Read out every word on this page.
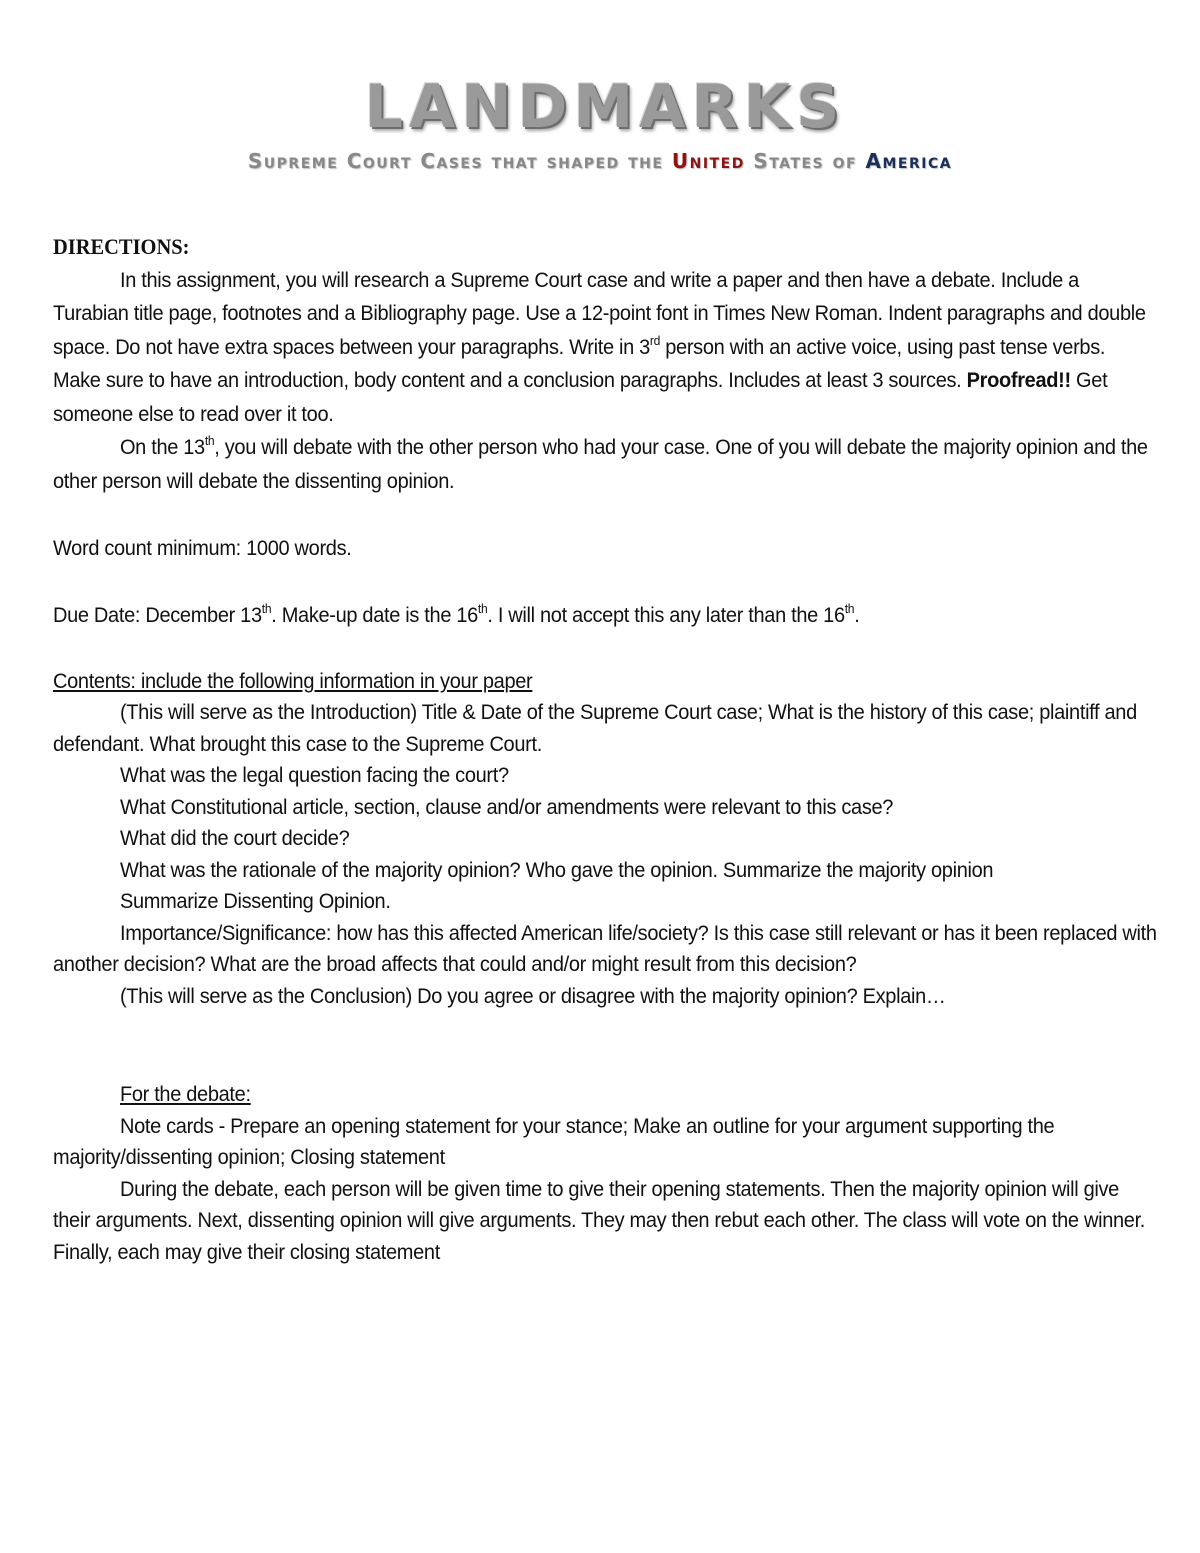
LANDMARKS
Supreme Court Cases that shaped the United States of America
DIRECTIONS:

In this assignment, you will research a Supreme Court case and write a paper and then have a debate. Include a Turabian title page, footnotes and a Bibliography page. Use a 12-point font in Times New Roman. Indent paragraphs and double space. Do not have extra spaces between your paragraphs. Write in 3rd person with an active voice, using past tense verbs. Make sure to have an introduction, body content and a conclusion paragraphs. Includes at least 3 sources. Proofread!! Get someone else to read over it too.

On the 13th, you will debate with the other person who had your case. One of you will debate the majority opinion and the other person will debate the dissenting opinion.

Word count minimum: 1000 words.

Due Date: December 13th. Make-up date is the 16th. I will not accept this any later than the 16th.

Contents: include the following information in your paper

(This will serve as the Introduction) Title & Date of the Supreme Court case; What is the history of this case; plaintiff and defendant. What brought this case to the Supreme Court.

What was the legal question facing the court?

What Constitutional article, section, clause and/or amendments were relevant to this case?

What did the court decide?

What was the rationale of the majority opinion? Who gave the opinion. Summarize the majority opinion

Summarize Dissenting Opinion.

Importance/Significance: how has this affected American life/society? Is this case still relevant or has it been replaced with another decision? What are the broad affects that could and/or might result from this decision?

(This will serve as the Conclusion) Do you agree or disagree with the majority opinion? Explain…

For the debate:

Note cards - Prepare an opening statement for your stance; Make an outline for your argument supporting the majority/dissenting opinion; Closing statement

During the debate, each person will be given time to give their opening statements. Then the majority opinion will give their arguments. Next, dissenting opinion will give arguments. They may then rebut each other. The class will vote on the winner. Finally, each may give their closing statement
